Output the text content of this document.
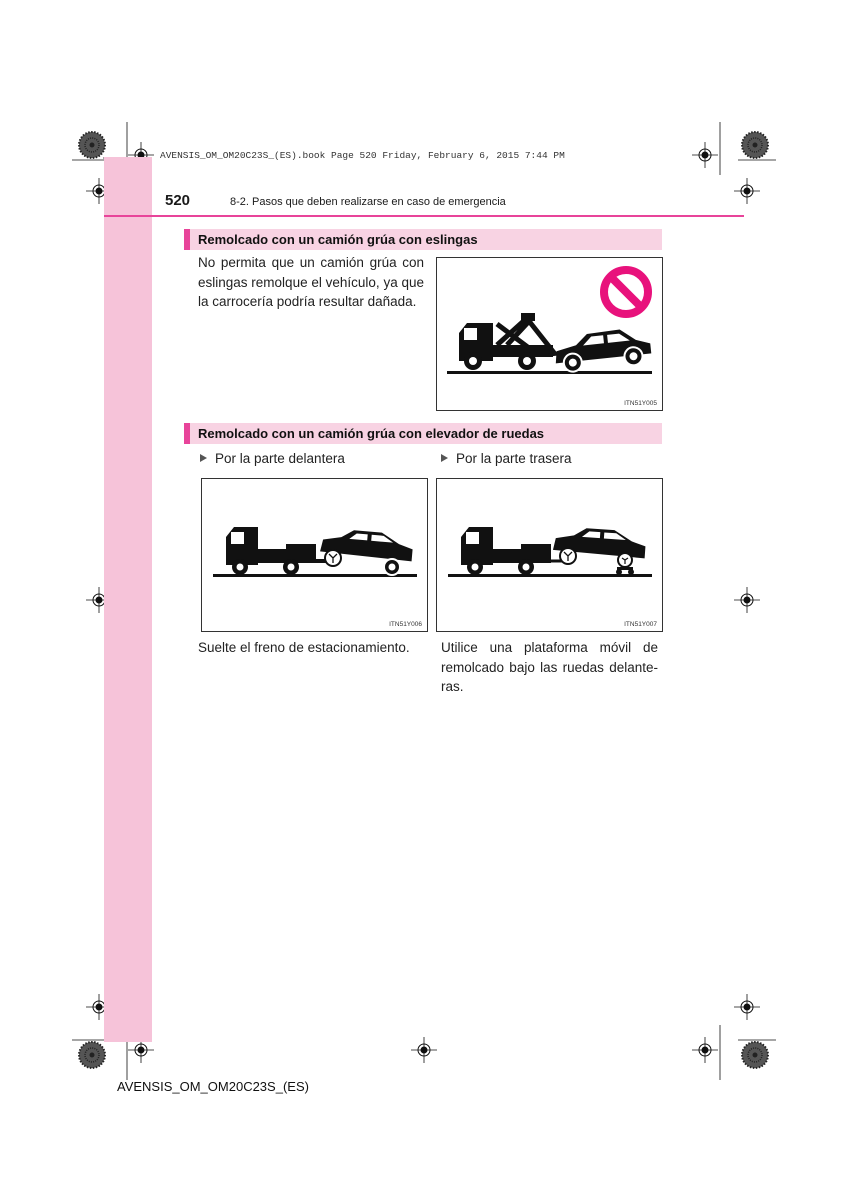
AVENSIS_OM_OM20C23S_(ES).book Page 520 Friday, February 6, 2015 7:44 PM
520	8-2. Pasos que deben realizarse en caso de emergencia
Remolcado con un camión grúa con eslingas
No permita que un camión grúa con
eslingas remolque el vehículo, ya que
la carrocería podría resultar dañada.
ITN51Y005
Remolcado con un camión grúa con elevador de ruedas
Por la parte delantera	Por la parte trasera
ITN51Y006	ITN51Y007
Suelte el freno de estacionamiento. Utilice una plataforma móvil de
remolcado bajo las ruedas delante-
ras.
AVENSIS_OM_OM20C23S_(ES)
